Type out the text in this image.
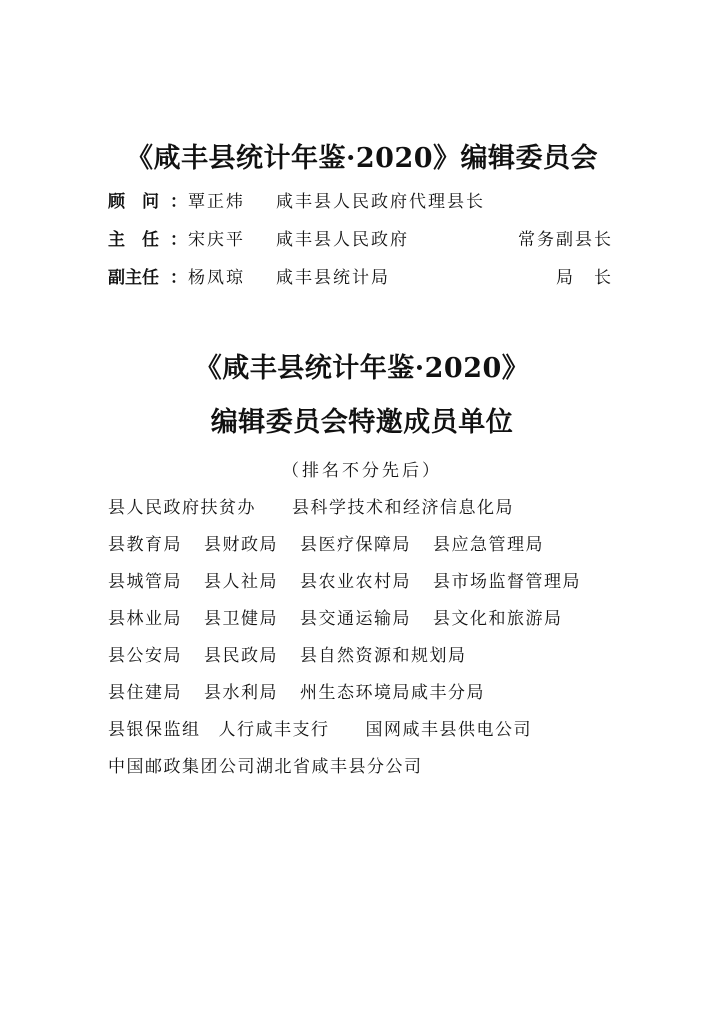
《咸丰县统计年鉴·2020》编辑委员会
顾　问 ： 覃正炜 咸丰县人民政府代理县长
主　任 ： 宋庆平 咸丰县人民政府	常务副县长
副主任 ： 杨凤琼 咸丰县统计局	局　长
《咸丰县统计年鉴·2020》
编辑委员会特邀成员单位
（排名不分先后）
县人民政府扶贫办 县科学技术和经济信息化局
县教育局 县财政局 县医疗保障局 县应急管理局
县城管局 县人社局 县农业农村局 县市场监督管理局
县林业局 县卫健局 县交通运输局 县文化和旅游局
县公安局 县民政局 县自然资源和规划局
县住建局 县水利局 州生态环境局咸丰分局
县银保监组 人行咸丰支行 国网咸丰县供电公司
中国邮政集团公司湖北省咸丰县分公司
